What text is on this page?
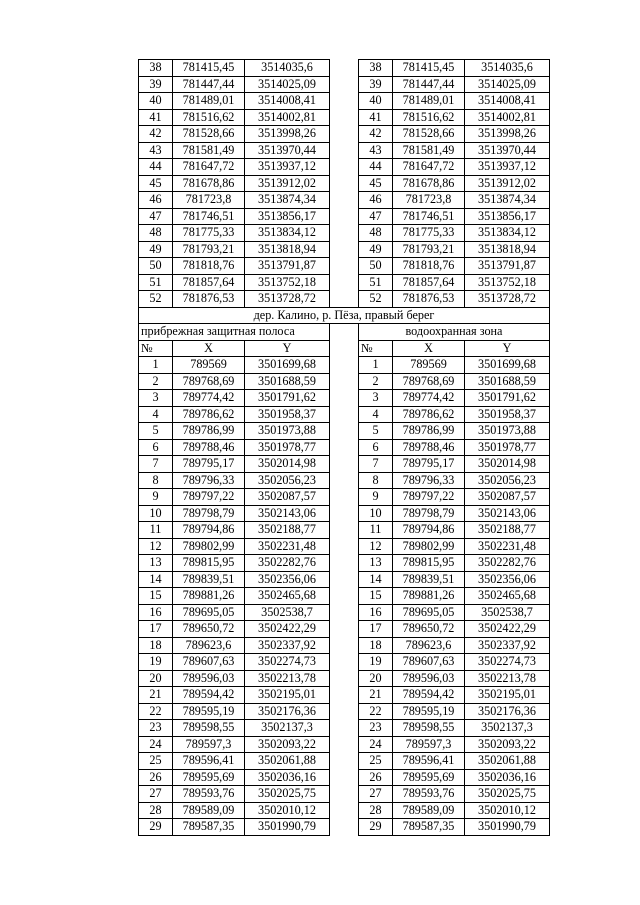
38	781415,45	3514035,6		38	781415,45	3514035,6
39	781447,44	3514025,09		39	781447,44	3514025,09
40	781489,01	3514008,41		40	781489,01	3514008,41
41	781516,62	3514002,81		41	781516,62	3514002,81
42	781528,66	3513998,26		42	781528,66	3513998,26
43	781581,49	3513970,44		43	781581,49	3513970,44
44	781647,72	3513937,12		44	781647,72	3513937,12
45	781678,86	3513912,02		45	781678,86	3513912,02
46	781723,8	3513874,34		46	781723,8	3513874,34
47	781746,51	3513856,17		47	781746,51	3513856,17
48	781775,33	3513834,12		48	781775,33	3513834,12
49	781793,21	3513818,94		49	781793,21	3513818,94
50	781818,76	3513791,87		50	781818,76	3513791,87
51	781857,64	3513752,18		51	781857,64	3513752,18
52	781876,53	3513728,72		52	781876,53	3513728,72
дер. Калино, р. Пёза, правый берег						
прибрежная защитная полоса				водоохранная зона		
№	X	Y		№	X	Y
1	789569	3501699,68		1	789569	3501699,68
2	789768,69	3501688,59		2	789768,69	3501688,59
3	789774,42	3501791,62		3	789774,42	3501791,62
4	789786,62	3501958,37		4	789786,62	3501958,37
5	789786,99	3501973,88		5	789786,99	3501973,88
6	789788,46	3501978,77		6	789788,46	3501978,77
7	789795,17	3502014,98		7	789795,17	3502014,98
8	789796,33	3502056,23		8	789796,33	3502056,23
9	789797,22	3502087,57		9	789797,22	3502087,57
10	789798,79	3502143,06		10	789798,79	3502143,06
11	789794,86	3502188,77		11	789794,86	3502188,77
12	789802,99	3502231,48		12	789802,99	3502231,48
13	789815,95	3502282,76		13	789815,95	3502282,76
14	789839,51	3502356,06		14	789839,51	3502356,06
15	789881,26	3502465,68		15	789881,26	3502465,68
16	789695,05	3502538,7		16	789695,05	3502538,7
17	789650,72	3502422,29		17	789650,72	3502422,29
18	789623,6	3502337,92		18	789623,6	3502337,92
19	789607,63	3502274,73		19	789607,63	3502274,73
20	789596,03	3502213,78		20	789596,03	3502213,78
21	789594,42	3502195,01		21	789594,42	3502195,01
22	789595,19	3502176,36		22	789595,19	3502176,36
23	789598,55	3502137,3		23	789598,55	3502137,3
24	789597,3	3502093,22		24	789597,3	3502093,22
25	789596,41	3502061,88		25	789596,41	3502061,88
26	789595,69	3502036,16		26	789595,69	3502036,16
27	789593,76	3502025,75		27	789593,76	3502025,75
28	789589,09	3502010,12		28	789589,09	3502010,12
29	789587,35	3501990,79		29	789587,35	3501990,79
